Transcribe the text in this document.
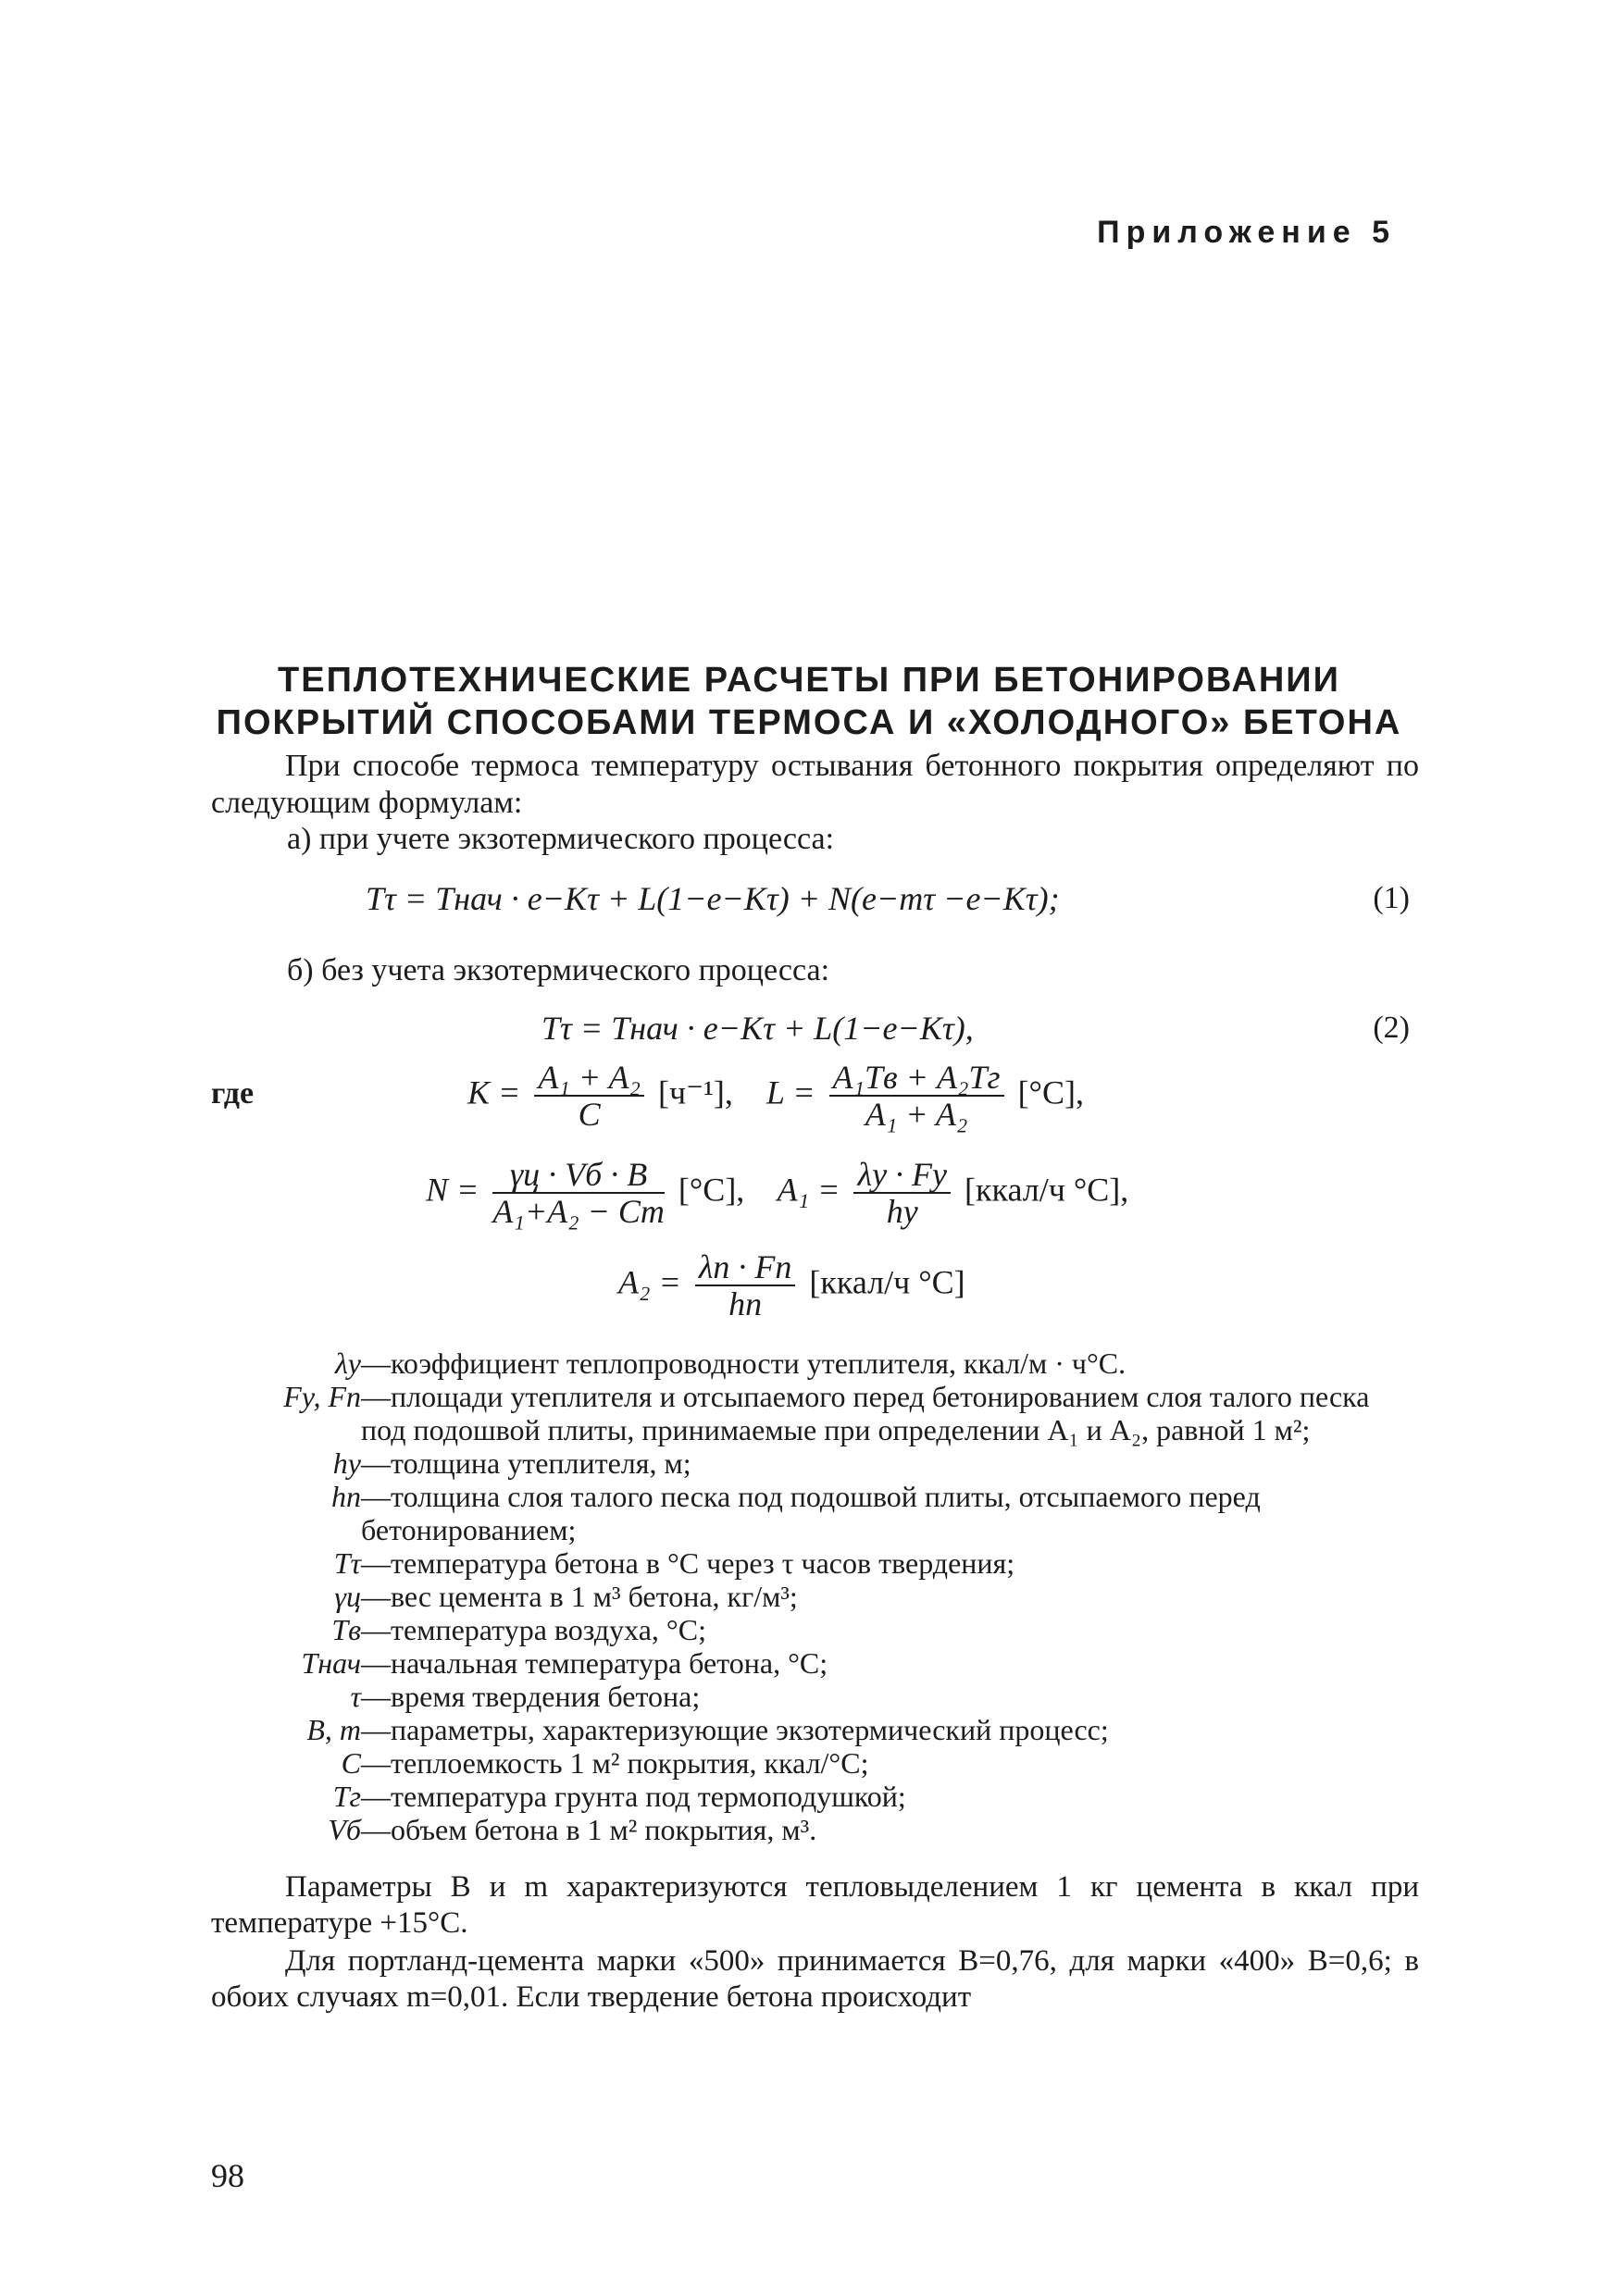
Приложение 5
ТЕПЛОТЕХНИЧЕСКИЕ РАСЧЕТЫ ПРИ БЕТОНИРОВАНИИ
ПОКРЫТИЙ СПОСОБАМИ ТЕРМОСА И «ХОЛОДНОГО» БЕТОНА

При способе термоса температуру остывания бетонного покрытия определяют по следующим формулам:

а) при учете экзотермического процесса:
Tτ = Tнач · e−Kτ + L(1−e−Kτ) + N(e−mτ −e−Kτ);	(1)
б) без учета экзотермического процесса:
Tτ = Tнач · e−Kτ + L(1−e−Kτ),	(2)
где	$K = \frac{\text{A₁ + A₂}}{C} [ч^{-1}]$, $L = \frac{\text{A₁Tв + A₂Tг}}{\text{A₁ + A₂}} [^\circ C]$,
$N = \frac{\gamma ц \cdot Vб \cdot B}{\text{A₁+A₂ − Cm}} [^\circ C]$, $A_1 = \frac{\lambda у \cdot Fу}{hу}$ [ккал/ч °C],
$A_2 = \frac{\lambda п \cdot Fп}{hп}$ [ккал/ч °C]
λу —коэффициент теплопроводности утеплителя, ккал/м · ч°C.
Fу, Fп —площади утеплителя и отсыпаемого перед бетонированием слоя талого песка под подошвой плиты, принимаемые при определении A₁ и A₂, равной 1 м²;
hу —толщина утеплителя, м;
hп —толщина слоя талого песка под подошвой плиты, отсыпаемого перед бетонированием;
Tτ —температура бетона в °C через τ часов твердения;
γц —вес цемента в 1 м³ бетона, кг/м³;
Tв —температура воздуха, °C;
Tнач —начальная температура бетона, °C;
τ —время твердения бетона;
B, m —параметры, характеризующие экзотермический процесс;
C —теплоемкость 1 м² покрытия, ккал/°C;
Tг —температура грунта под термоподушкой;
Vб —объем бетона в 1 м² покрытия, м³.

Параметры B и m характеризуются тепловыделением 1 кг цемента в ккал при температуре +15°C.

Для портланд-цемента марки «500» принимается B=0,76, для марки «400» B=0,6; в обоих случаях m=0,01. Если твердение бетона происходит

98
